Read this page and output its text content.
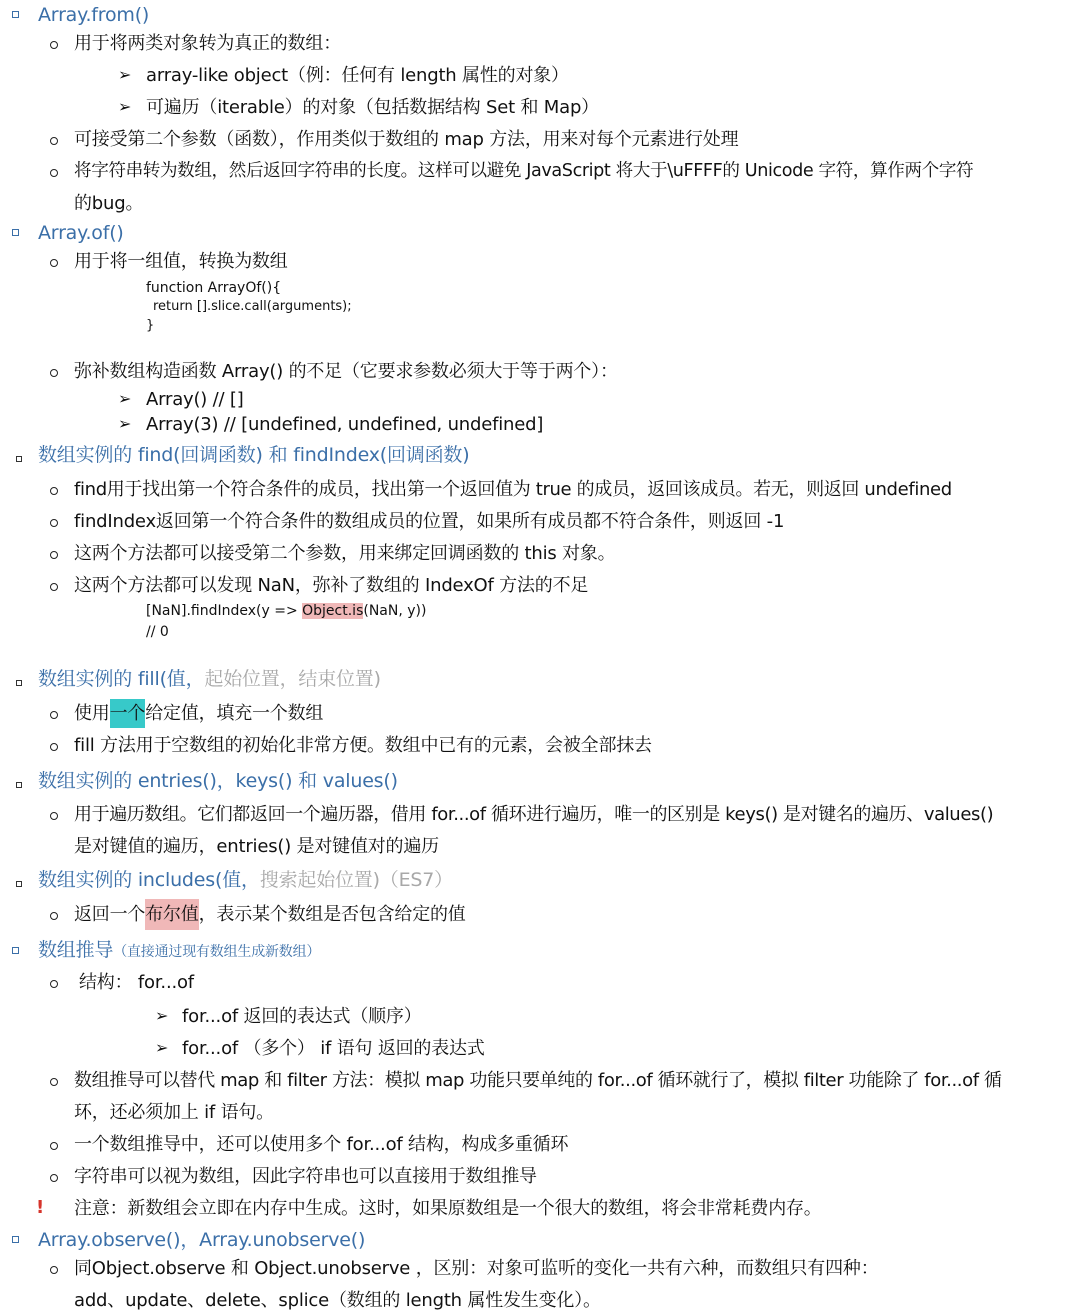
Array.from()
用于将两类对象转为真正的数组：
➢ array-like object（例：任何有 length 属性的对象）
➢ 可遍历（iterable）的对象（包括数据结构 Set 和 Map）
可接受第二个参数（函数），作用类似于数组的 map 方法，用来对每个元素进行处理
将字符串转为数组，然后返回字符串的长度。这样可以避免 JavaScript 将大于\uFFFF的 Unicode 字符，算作两个字符
的bug。
Array.of()
用于将一组值，转换为数组
function ArrayOf(){
return [].slice.call(arguments);
}
弥补数组构造函数 Array() 的不足（它要求参数必须大于等于两个）：
➢ Array() // []
➢ Array(3) // [undefined, undefined, undefined]
数组实例的 find(回调函数) 和 findIndex(回调函数)
find用于找出第一个符合条件的成员，找出第一个返回值为 true 的成员，返回该成员。若无，则返回 undefined
findIndex返回第一个符合条件的数组成员的位置，如果所有成员都不符合条件，则返回 -1
这两个方法都可以接受第二个参数，用来绑定回调函数的 this 对象。
这两个方法都可以发现 NaN，弥补了数组的 IndexOf 方法的不足
[NaN].findIndex(y => Object.is(NaN, y))
// 0
数组实例的 fill(值，起始位置，结束位置)
使用一个给定值，填充一个数组
fill 方法用于空数组的初始化非常方便。数组中已有的元素，会被全部抹去
数组实例的 entries()，keys() 和 values()
用于遍历数组。它们都返回一个遍历器，借用 for...of 循环进行遍历，唯一的区别是 keys() 是对键名的遍历、values()
是对键值的遍历，entries() 是对键值对的遍历
数组实例的 includes(值，搜索起始位置)（ES7）
返回一个布尔值，表示某个数组是否包含给定的值
数组推导（直接通过现有数组生成新数组）
结构： for...of
➢ for...of 返回的表达式（顺序）
➢ for...of （多个） if 语句 返回的表达式
数组推导可以替代 map 和 filter 方法：模拟 map 功能只要单纯的 for...of 循环就行了，模拟 filter 功能除了 for...of 循
环，还必须加上 if 语句。
一个数组推导中，还可以使用多个 for...of 结构，构成多重循环
字符串可以视为数组，因此字符串也可以直接用于数组推导
! 注意：新数组会立即在内存中生成。这时，如果原数组是一个很大的数组，将会非常耗费内存。
Array.observe()，Array.unobserve()
同Object.observe 和 Object.unobserve ，区别：对象可监听的变化一共有六种，而数组只有四种：
add、update、delete、splice（数组的 length 属性发生变化）。
